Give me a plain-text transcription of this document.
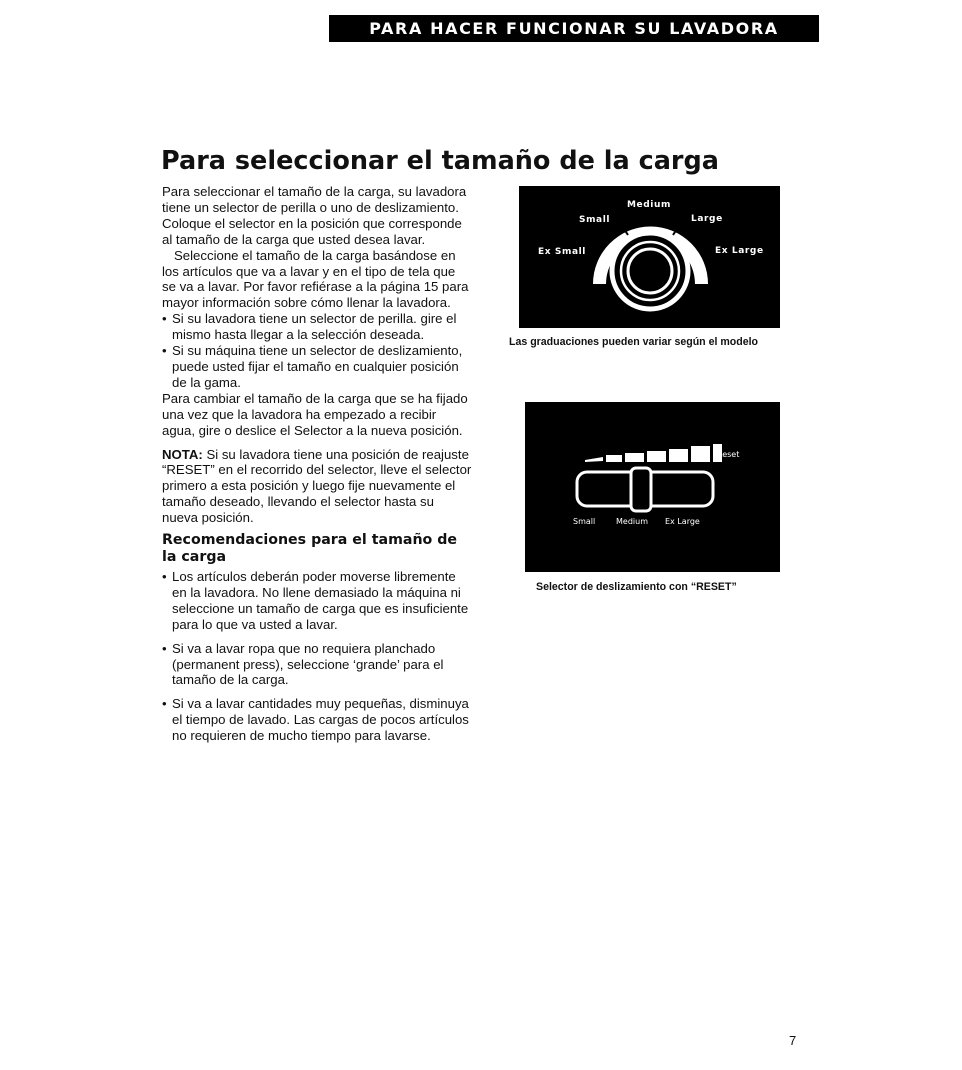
PARA HACER FUNCIONAR SU LAVADORA
Para seleccionar el tamaño de la carga

Para seleccionar el tamaño de la carga, su lavadora tiene un selector de perilla o uno de deslizamiento. Coloque el selector en la posición que corresponde al tamaño de la carga que usted desea lavar.

Seleccione el tamaño de la carga basándose en los artículos que va a lavar y en el tipo de tela que se va a lavar. Por favor refiérase a la página 15 para mayor información sobre cómo llenar la lavadora.

• Si su lavadora tiene un selector de perilla. gire el mismo hasta llegar a la selección deseada.
• Si su máquina tiene un selector de deslizamiento, puede usted fijar el tamaño en cualquier posición de la gama.

Para cambiar el tamaño de la carga que se ha fijado una vez que la lavadora ha empezado a recibir agua, gire o deslice el Selector a la nueva posición.

NOTA: Si su lavadora tiene una posición de reajuste “RESET” en el recorrido del selector, lleve el selector primero a esta posición y luego fije nuevamente el tamaño deseado, llevando el selector hasta su nueva posición.

Recomendaciones para el tamaño de la carga
• Los artículos deberán poder moverse libremente en la lavadora. No llene demasiado la máquina ni seleccione un tamaño de carga que es insuficiente para lo que va usted a lavar.
• Si va a lavar ropa que no requiera planchado (permanent press), seleccione ‘grande’ para el tamaño de la carga.
• Si va a lavar cantidades muy pequeñas, disminuya el tiempo de lavado. Las cargas de pocos artículos no requieren de mucho tiempo para lavarse.
Medium
Small	Large
Ex Small	Ex Large
Las graduaciones pueden variar según el modelo
Reset
Small	Medium Ex Large
Selector de deslizamiento con “RESET”
7
